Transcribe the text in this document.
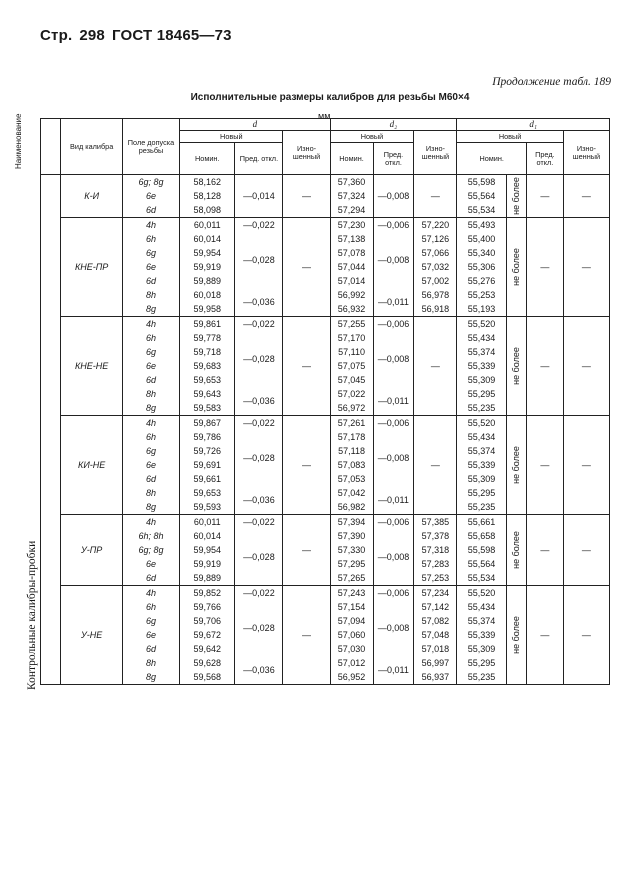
Стр. 298 ГОСТ 18465—73
Продолжение табл. 189
Исполнительные размеры калибров для резьбы М60×4
мм
	Вид калибра	Поле допуска резьбы	d			d₂			d₁			
			Новый		Изно- шенный	Новый		Изно- шенный	Новый			Изно- шенный
			Номин.	Пред. откл.		Номин.	Пред. откл.		Номин.		Пред. откл.	
	К-И	6g; 8g	58,162	—0,014	—	57,360	—0,008	—	55,598	не более	—	—
		6e	58,128			57,324			55,564			
		6d	58,098			57,294			55,534			
	КНЕ-ПР	4h	60,011	—0,022	—	57,230	—0,006	57,220	55,493	не более	—	—
		6h	60,014	—0,028		57,138	—0,008	57,126	55,400			
		6g	59,954			57,078		57,066	55,340			
		6e	59,919			57,044		57,032	55,306			
		6d	59,889			57,014		57,002	55,276			
		8h	60,018	—0,036		56,992	—0,011	56,978	55,253			
		8g	59,958			56,932		56,918	55,193			
	КНЕ-НЕ	4h	59,861	—0,022	—	57,255	—0,006	—	55,520	не более	—	—
		6h	59,778	—0,028		57,170	—0,008		55,434			
		6g	59,718			57,110			55,374			
		6e	59,683			57,075			55,339			
		6d	59,653			57,045			55,309			
		8h	59,643	—0,036		57,022	—0,011		55,295			
		8g	59,583			56,972			55,235			
	КИ-НЕ	4h	59,867	—0,022	—	57,261	—0,006	—	55,520	не более	—	—
		6h	59,786	—0,028		57,178	—0,008		55,434			
		6g	59,726			57,118			55,374			
		6e	59,691			57,083			55,339			
		6d	59,661			57,053			55,309			
		8h	59,653	—0,036		57,042	—0,011		55,295			
		8g	59,593			56,982			55,235			
	У-ПР	4h	60,011	—0,022	—	57,394	—0,006	57,385	55,661	не более	—	—
		6h; 8h	60,014	—0,028		57,390	—0,008	57,378	55,658			
		6g; 8g	59,954			57,330		57,318	55,598			
		6e	59,919			57,295		57,283	55,564			
		6d	59,889			57,265		57,253	55,534			
	У-НЕ	4h	59,852	—0,022	—	57,243	—0,006	57,234	55,520	не более	—	—
		6h	59,766	—0,028		57,154	—0,008	57,142	55,434			
		6g	59,706			57,094		57,082	55,374			
		6e	59,672			57,060		57,048	55,339			
		6d	59,642			57,030		57,018	55,309			
		8h	59,628	—0,036		57,012	—0,011	56,997	55,295			
		8g	59,568			56,952		56,937	55,235			

Наименование
Контрольные калибры-пробки
